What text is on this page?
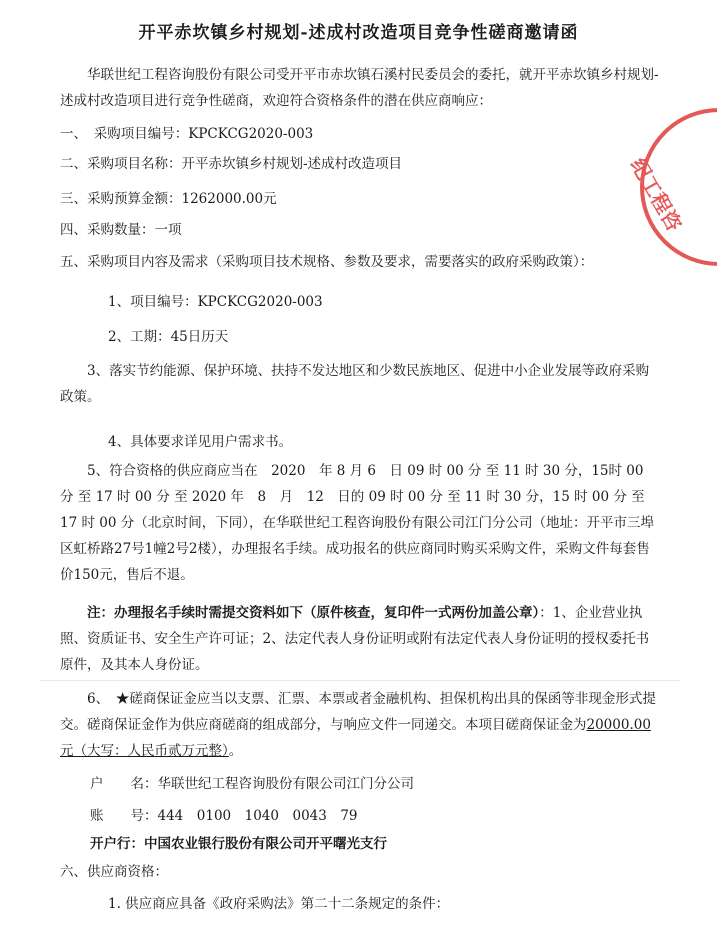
开平赤坎镇乡村规划-述成村改造项目竞争性磋商邀请函
华联世纪工程咨询股份有限公司受开平市赤坎镇石溪村民委员会的委托，就开平赤坎镇乡村规划-述成村改造项目进行竞争性磋商，欢迎符合资格条件的潜在供应商响应：
一、　采购项目编号：KPCKCG2020-003
二、采购项目名称：开平赤坎镇乡村规划-述成村改造项目
三、采购预算金额：1262000.00元
四、采购数量：一项
五、采购项目内容及需求（采购项目技术规格、参数及要求，需要落实的政府采购政策）：
1、项目编号：KPCKCG2020-003
2、工期：45日历天
3、落实节约能源、保护环境、扶持不发达地区和少数民族地区、促进中小企业发展等政府采购政策。
4、具体要求详见用户需求书。
5、符合资格的供应商应当在　2020　年 8 月 6　日 09 时 00 分 至 11 时 30 分，15时 00 分 至 17 时 00 分 至 2020 年　8　月　12　日的 09 时 00 分 至 11 时 30 分，15 时 00 分 至 17 时 00 分（北京时间，下同），在华联世纪工程咨询股份有限公司江门分公司（地址：开平市三埠区虹桥路27号1幢2号2楼），办理报名手续。成功报名的供应商同时购买采购文件，采购文件每套售价150元，售后不退。
注：办理报名手续时需提交资料如下（原件核查，复印件一式两份加盖公章）：1、企业营业执照、资质证书、安全生产许可证；2、法定代表人身份证明或附有法定代表人身份证明的授权委托书原件，及其本人身份证。
6、　★磋商保证金应当以支票、汇票、本票或者金融机构、担保机构出具的保函等非现金形式提交。磋商保证金作为供应商磋商的组成部分，与响应文件一同递交。本项目磋商保证金为20000.00元（大写：人民币贰万元整）。
户　　名：华联世纪工程咨询股份有限公司江门分公司
账　　号：444　0100　1040　0043　79
开户行：中国农业银行股份有限公司开平曙光支行
六、供应商资格：
1. 供应商应具备《政府采购法》第二十二条规定的条件：
纪工程咨
